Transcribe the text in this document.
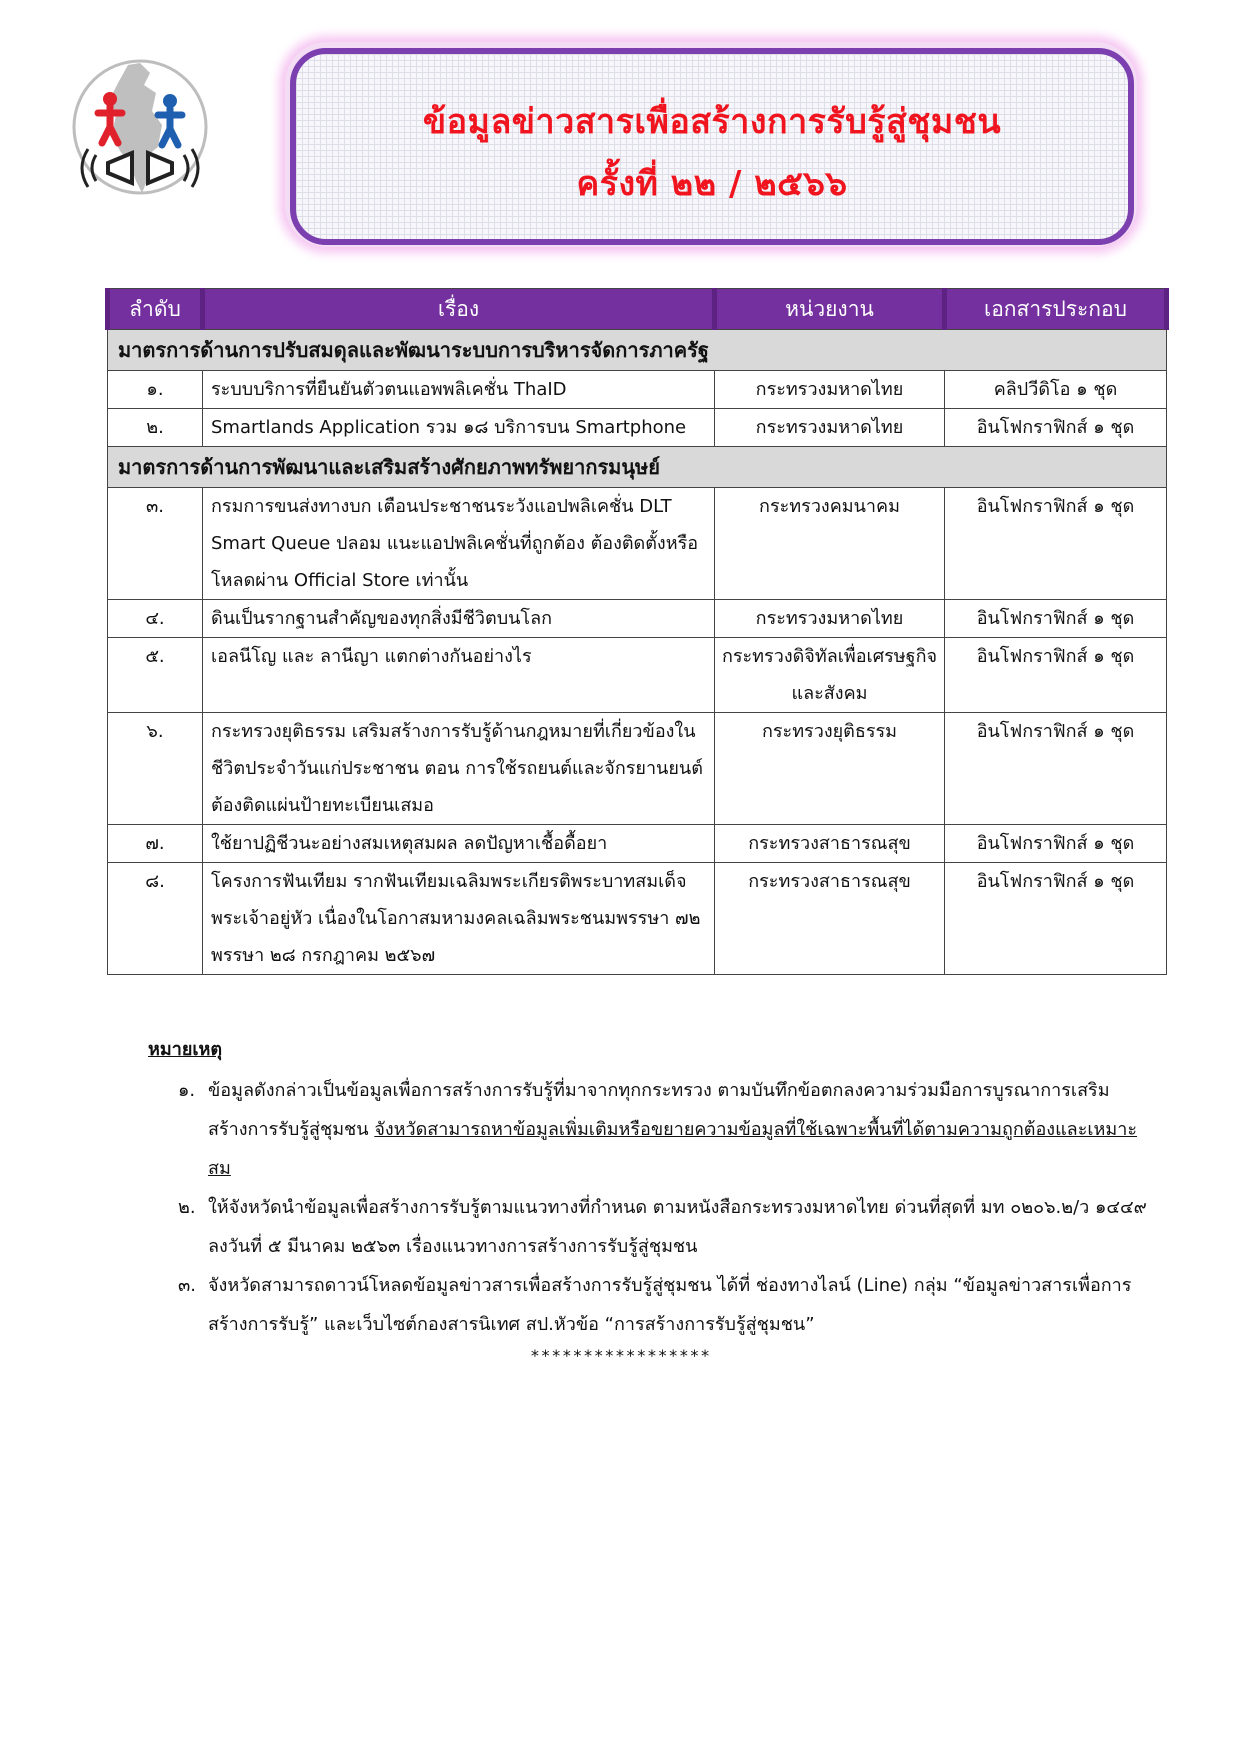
ข้อมูลข่าวสารเพื่อสร้างการรับรู้สู่ชุมชน
ครั้งที่ ๒๒ / ๒๕๖๖
ลำดับ	เรื่อง	หน่วยงาน	เอกสารประกอบ
มาตรการด้านการปรับสมดุลและพัฒนาระบบการบริหารจัดการภาครัฐ			
๑.	ระบบบริการที่ยืนยันตัวตนแอพพลิเคชั่น ThaID	กระทรวงมหาดไทย	คลิปวีดิโอ ๑ ชุด
๒.	Smartlands Application รวม ๑๘ บริการบน Smartphone	กระทรวงมหาดไทย	อินโฟกราฟิกส์ ๑ ชุด
มาตรการด้านการพัฒนาและเสริมสร้างศักยภาพทรัพยากรมนุษย์			
๓.	กรมการขนส่งทางบก เตือนประชาชนระวังแอปพลิเคชั่น DLT Smart Queue ปลอม แนะแอปพลิเคชั่นที่ถูกต้อง ต้องติดตั้งหรือโหลดผ่าน Official Store เท่านั้น	กระทรวงคมนาคม	อินโฟกราฟิกส์ ๑ ชุด
๔.	ดินเป็นรากฐานสำคัญของทุกสิ่งมีชีวิตบนโลก	กระทรวงมหาดไทย	อินโฟกราฟิกส์ ๑ ชุด
๕.	เอลนีโญ และ ลานีญา แตกต่างกันอย่างไร	กระทรวงดิจิทัลเพื่อเศรษฐกิจและสังคม	อินโฟกราฟิกส์ ๑ ชุด
๖.	กระทรวงยุติธรรม เสริมสร้างการรับรู้ด้านกฎหมายที่เกี่ยวข้องในชีวิตประจำวันแก่ประชาชน ตอน การใช้รถยนต์และจักรยานยนต์ ต้องติดแผ่นป้ายทะเบียนเสมอ	กระทรวงยุติธรรม	อินโฟกราฟิกส์ ๑ ชุด
๗.	ใช้ยาปฏิชีวนะอย่างสมเหตุสมผล ลดปัญหาเชื้อดื้อยา	กระทรวงสาธารณสุข	อินโฟกราฟิกส์ ๑ ชุด
๘.	โครงการฟันเทียม รากฟันเทียมเฉลิมพระเกียรติพระบาทสมเด็จพระเจ้าอยู่หัว เนื่องในโอกาสมหามงคลเฉลิมพระชนมพรรษา ๗๒ พรรษา ๒๘ กรกฎาคม ๒๕๖๗	กระทรวงสาธารณสุข	อินโฟกราฟิกส์ ๑ ชุด
หมายเหตุ

๑. ข้อมูลดังกล่าวเป็นข้อมูลเพื่อการสร้างการรับรู้ที่มาจากทุกกระทรวง ตามบันทึกข้อตกลงความร่วมมือการบูรณาการเสริมสร้างการรับรู้สู่ชุมชน จังหวัดสามารถหาข้อมูลเพิ่มเติมหรือขยายความข้อมูลที่ใช้เฉพาะพื้นที่ได้ตามความถูกต้องและเหมาะสม

๒. ให้จังหวัดนำข้อมูลเพื่อสร้างการรับรู้ตามแนวทางที่กำหนด ตามหนังสือกระทรวงมหาดไทย ด่วนที่สุดที่ มท ๐๒๐๖.๒/ว ๑๔๔๙ ลงวันที่ ๕ มีนาคม ๒๕๖๓ เรื่องแนวทางการสร้างการรับรู้สู่ชุมชน

๓. จังหวัดสามารถดาวน์โหลดข้อมูลข่าวสารเพื่อสร้างการรับรู้สู่ชุมชน ได้ที่ ช่องทางไลน์ (Line) กลุ่ม “ข้อมูลข่าวสารเพื่อการสร้างการรับรู้” และเว็บไซต์กองสารนิเทศ สป.หัวข้อ “การสร้างการรับรู้สู่ชุมชน”

*****************
